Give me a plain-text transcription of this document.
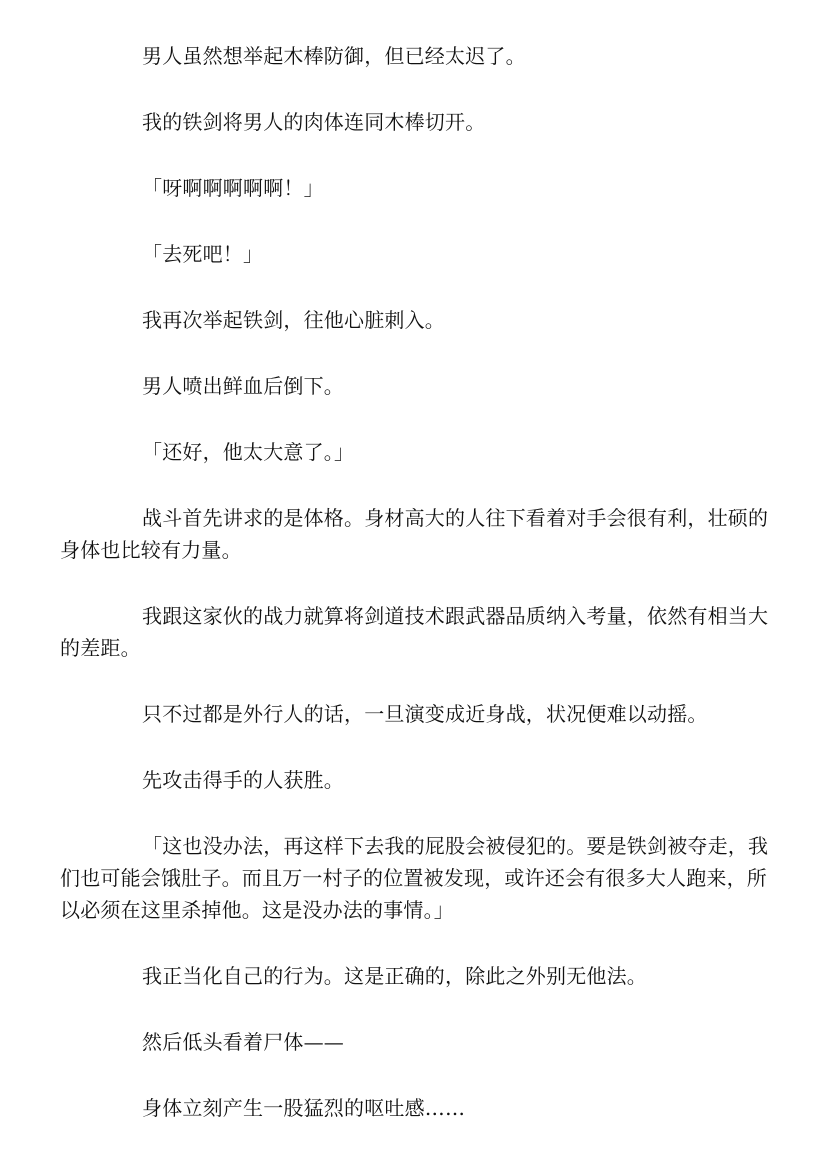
男人虽然想举起木棒防御，但已经太迟了。

我的铁剑将男人的肉体连同木棒切开。

「呀啊啊啊啊啊！」

「去死吧！」

我再次举起铁剑，往他心脏刺入。

男人喷出鲜血后倒下。

「还好，他太大意了。」

战斗首先讲求的是体格。身材高大的人往下看着对手会很有利，壮硕的身体也比较有力量。

我跟这家伙的战力就算将剑道技术跟武器品质纳入考量，依然有相当大的差距。

只不过都是外行人的话，一旦演变成近身战，状况便难以动摇。

先攻击得手的人获胜。

「这也没办法，再这样下去我的屁股会被侵犯的。要是铁剑被夺走，我们也可能会饿肚子。而且万一村子的位置被发现，或许还会有很多大人跑来，所以必须在这里杀掉他。这是没办法的事情。」

我正当化自己的行为。这是正确的，除此之外别无他法。

然后低头看着尸体——

身体立刻产生一股猛烈的呕吐感……
